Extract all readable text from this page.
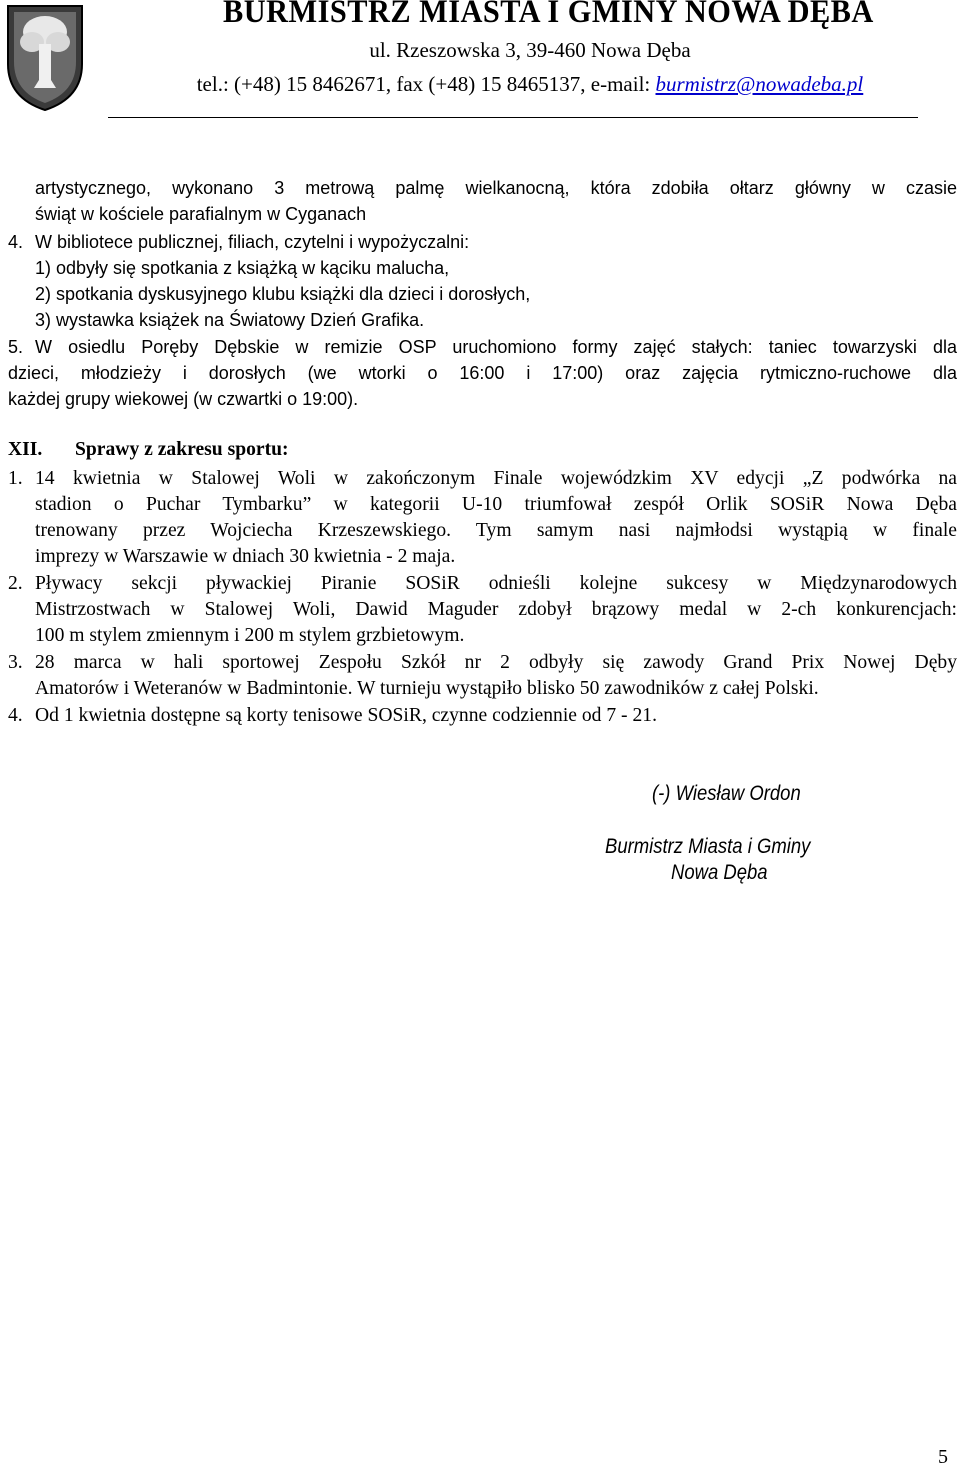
BURMISTRZ MIASTA I GMINY NOWA DĘBA
ul. Rzeszowska 3, 39-460 Nowa Dęba
tel.: (+48) 15 8462671, fax (+48) 15 8465137, e-mail: burmistrz@nowadeba.pl
artystycznego, wykonano 3 metrową palmę wielkanocną, która zdobiła ołtarz główny w czasie
świąt w kościele parafialnym w Cyganach
4. W bibliotece publicznej, filiach, czytelni i wypożyczalni:
1) odbyły się spotkania z książką w kąciku malucha,
2) spotkania dyskusyjnego klubu książki dla dzieci i dorosłych,
3) wystawka książek na Światowy Dzień Grafika.
5. W osiedlu Poręby Dębskie w remizie OSP uruchomiono formy zajęć stałych: taniec towarzyski dla
dzieci, młodzieży i dorosłych (we wtorki o 16:00 i 17:00) oraz zajęcia rytmiczno-ruchowe dla
każdej grupy wiekowej (w czwartki o 19:00).
XII. Sprawy z zakresu sportu:
1. 14 kwietnia w Stalowej Woli w zakończonym Finale wojewódzkim XV edycji „Z podwórka na
stadion o Puchar Tymbarku” w kategorii U-10 triumfował zespół Orlik SOSiR Nowa Dęba
trenowany przez Wojciecha Krzeszewskiego. Tym samym nasi najmłodsi wystąpią w finale
imprezy w Warszawie w dniach 30 kwietnia - 2 maja.
2. Pływacy sekcji pływackiej Piranie SOSiR odnieśli kolejne sukcesy w Międzynarodowych
Mistrzostwach w Stalowej Woli, Dawid Maguder zdobył brązowy medal w 2-ch konkurencjach:
100 m stylem zmiennym i 200 m stylem grzbietowym.
3. 28 marca w hali sportowej Zespołu Szkół nr 2 odbyły się zawody Grand Prix Nowej Dęby
Amatorów i Weteranów w Badmintonie. W turnieju wystąpiło blisko 50 zawodników z całej Polski.
4. Od 1 kwietnia dostępne są korty tenisowe SOSiR, czynne codziennie od 7 - 21.
(-) Wiesław Ordon
Burmistrz Miasta i Gminy
Nowa Dęba
5
